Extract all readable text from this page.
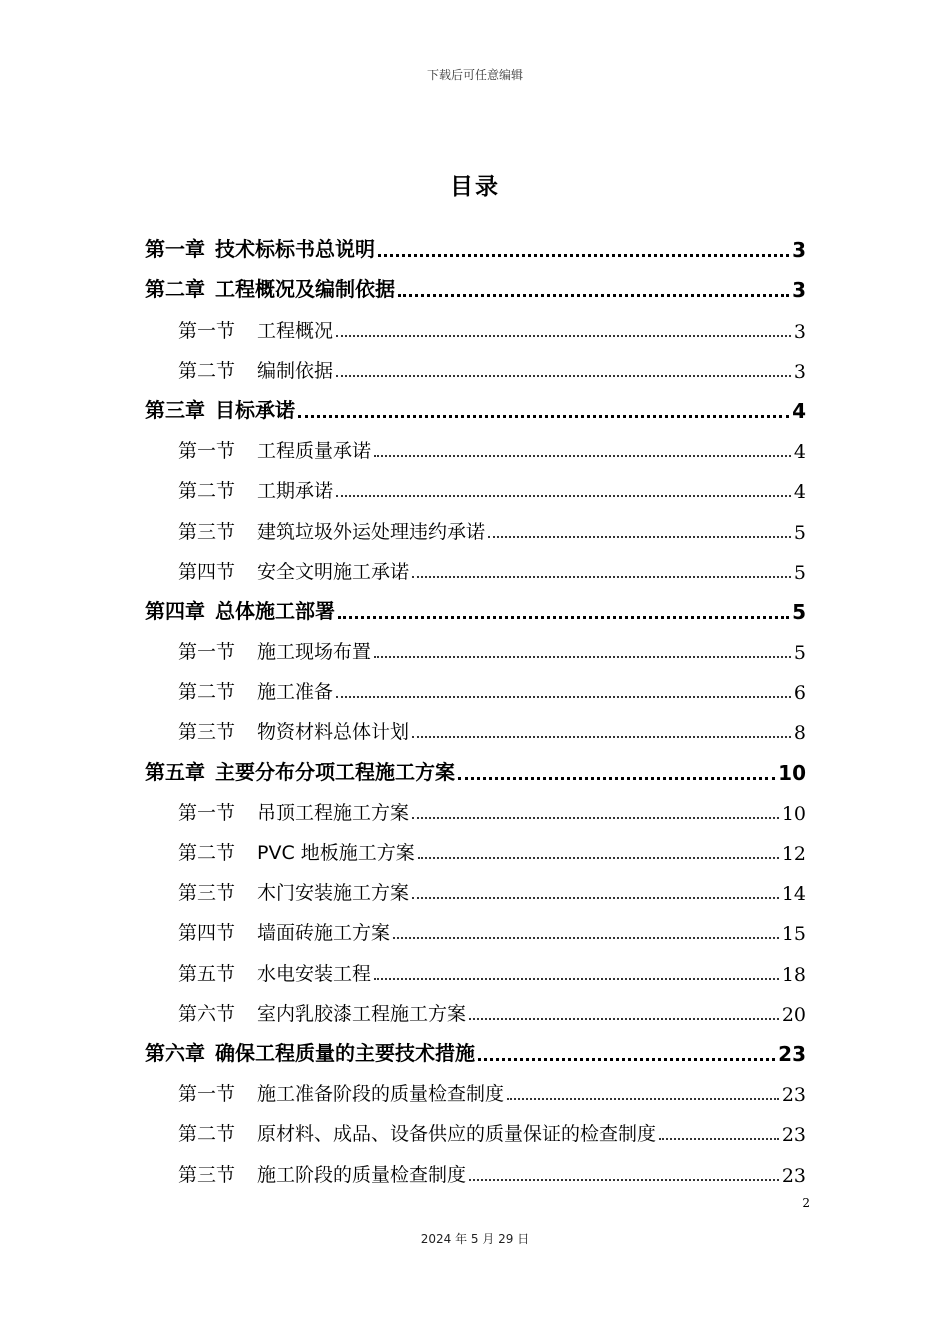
下载后可任意编辑
目录
第一章 技术标标书总说明	3
第二章 工程概况及编制依据	3
第一节 工程概况	3
第二节 编制依据	3
第三章 目标承诺	4
第一节 工程质量承诺	4
第二节 工期承诺	4
第三节 建筑垃圾外运处理违约承诺	5
第四节 安全文明施工承诺	5
第四章 总体施工部署	5
第一节 施工现场布置	5
第二节 施工准备	6
第三节 物资材料总体计划	8
第五章 主要分布分项工程施工方案	10
第一节 吊顶工程施工方案	10
第二节 PVC 地板施工方案	12
第三节 木门安装施工方案	14
第四节 墙面砖施工方案	15
第五节 水电安装工程	18
第六节 室内乳胶漆工程施工方案	20
第六章 确保工程质量的主要技术措施	23
第一节 施工准备阶段的质量检查制度	23
第二节 原材料、成品、设备供应的质量保证的检查制度	23
第三节 施工阶段的质量检查制度	23
2
2024 年 5 月 29 日
